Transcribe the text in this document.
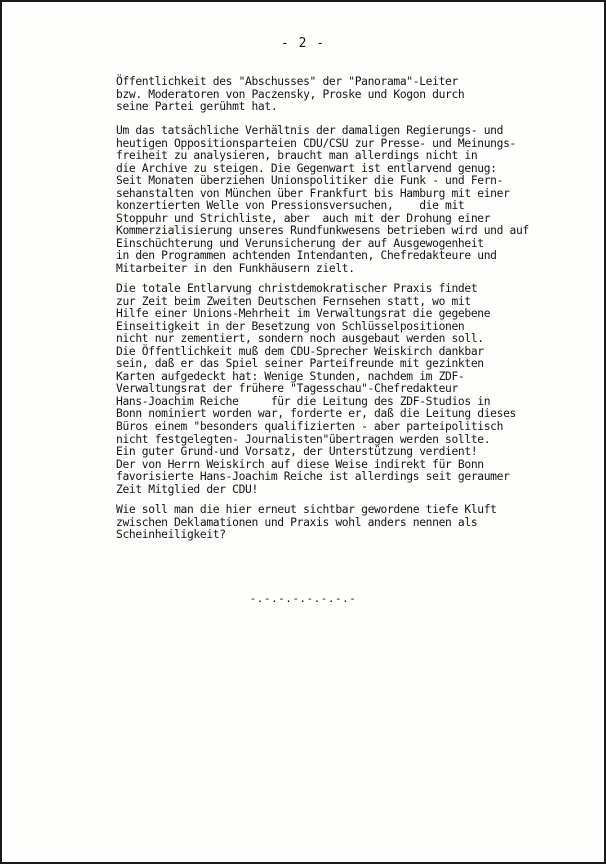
- 2 -
Öffentlichkeit des "Abschusses" der "Panorama"-Leiter
bzw. Moderatoren von Paczensky, Proske und Kogon durch
seine Partei gerühmt hat.
Um das tatsächliche Verhältnis der damaligen Regierungs- und
heutigen Oppositionsparteien CDU/CSU zur Presse- und Meinungs-
freiheit zu analysieren, braucht man allerdings nicht in
die Archive zu steigen. Die Gegenwart ist entlarvend genug:
Seit Monaten überziehen Unionspolitiker die Funk - und Fern-
sehanstalten von München über Frankfurt bis Hamburg mit einer
konzertierten Welle von Pressionsversuchen,    die mit
Stoppuhr und Strichliste, aber  auch mit der Drohung einer
Kommerzialisierung unseres Rundfunkwesens betrieben wird und auf
Einschüchterung und Verunsicherung der auf Ausgewogenheit
in den Programmen achtenden Intendanten, Chefredakteure und
Mitarbeiter in den Funkhäusern zielt.
Die totale Entlarvung christdemokratischer Praxis findet
zur Zeit beim Zweiten Deutschen Fernsehen statt, wo mit
Hilfe einer Unions-Mehrheit im Verwaltungsrat die gegebene
Einseitigkeit in der Besetzung von Schlüsselpositionen
nicht nur zementiert, sondern noch ausgebaut werden soll.
Die Öffentlichkeit muß dem CDU-Sprecher Weiskirch dankbar
sein, daß er das Spiel seiner Parteifreunde mit gezinkten
Karten aufgedeckt hat: Wenige Stunden, nachdem im ZDF-
Verwaltungsrat der frühere "Tagesschau"-Chefredakteur
Hans-Joachim Reiche     für die Leitung des ZDF-Studios in
Bonn nominiert worden war, forderte er, daß die Leitung dieses
Büros einem "besonders qualifizierten - aber parteipolitisch
nicht festgelegten- Journalisten"übertragen werden sollte.
Ein guter Grund-und Vorsatz, der Unterstützung verdient!
Der von Herrn Weiskirch auf diese Weise indirekt für Bonn
favorisierte Hans-Joachim Reiche ist allerdings seit geraumer
Zeit Mitglied der CDU!
Wie soll man die hier erneut sichtbar gewordene tiefe Kluft
zwischen Deklamationen und Praxis wohl anders nennen als
Scheinheiligkeit?
-.-.-.-.-.-.-.-
